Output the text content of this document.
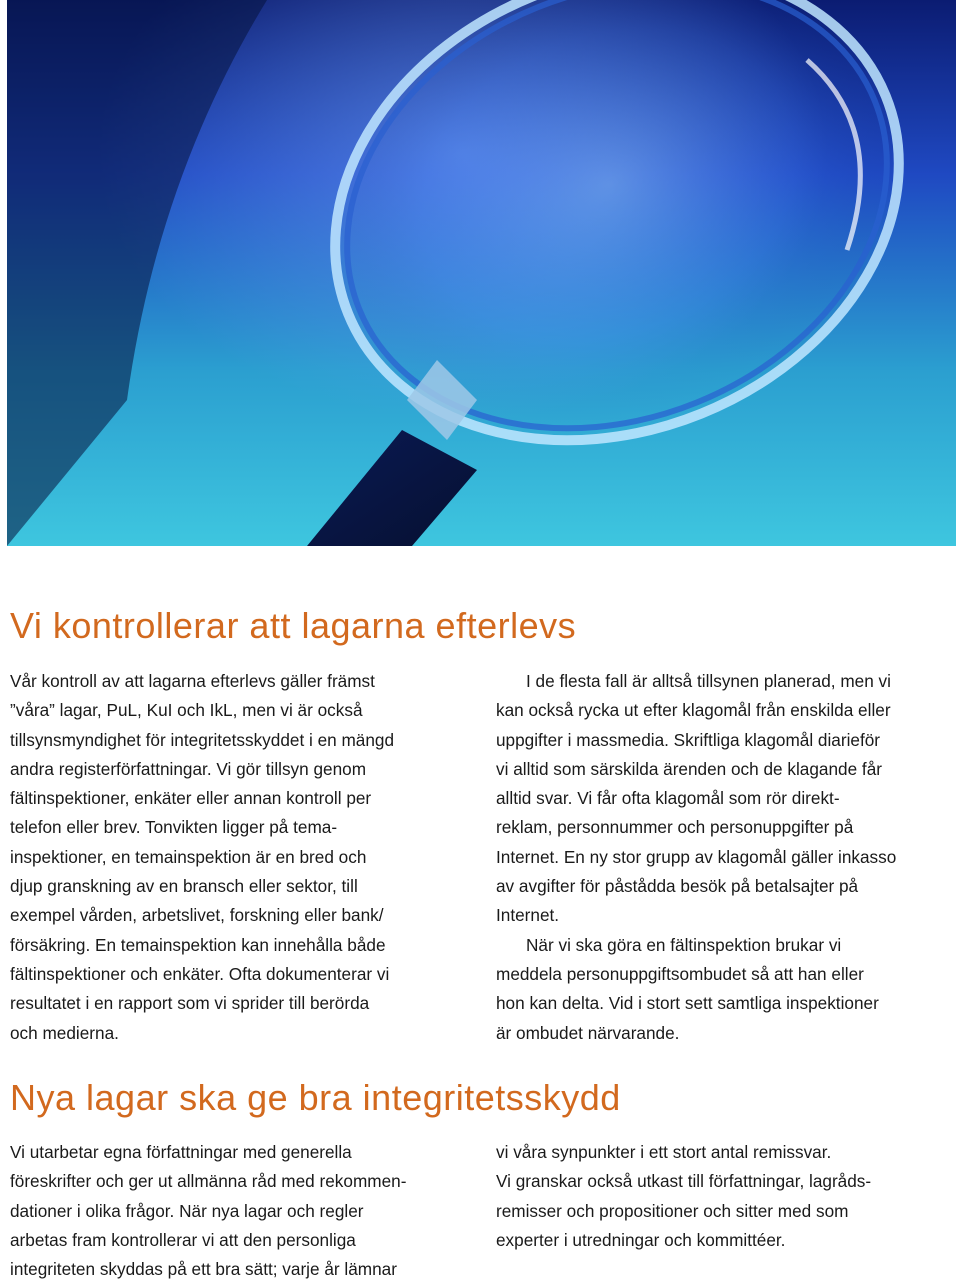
Vi kontrollerar att lagarna efterlevs
Vår kontroll av att lagarna efterlevs gäller främst
”våra” lagar, PuL, KuI och IkL, men vi är också
tillsynsmyndighet för integritetsskyddet i en mängd
andra registerförfattningar. Vi gör tillsyn genom
fältinspektioner, enkäter eller annan kontroll per
telefon eller brev. Tonvikten ligger på tema-
inspektioner, en temainspektion är en bred och
djup granskning av en bransch eller sektor, till
exempel vården, arbetslivet, forskning eller bank/
försäkring. En temainspektion kan innehålla både
fältinspektioner och enkäter. Ofta dokumenterar vi
resultatet i en rapport som vi sprider till berörda
och medierna.
I de flesta fall är alltså tillsynen planerad, men vi
kan också rycka ut efter klagomål från enskilda eller
uppgifter i massmedia. Skriftliga klagomål diarieför
vi alltid som särskilda ärenden och de klagande får
alltid svar. Vi får ofta klagomål som rör direkt-
reklam, personnummer och personuppgifter på
Internet. En ny stor grupp av klagomål gäller inkasso
av avgifter för påstådda besök på betalsajter på
Internet.
När vi ska göra en fältinspektion brukar vi
meddela personuppgiftsombudet så att han eller
hon kan delta. Vid i stort sett samtliga inspektioner
är ombudet närvarande.
Nya lagar ska ge bra integritetsskydd
Vi utarbetar egna författningar med generella
föreskrifter och ger ut allmänna råd med rekommen-
dationer i olika frågor. När nya lagar och regler
arbetas fram kontrollerar vi att den personliga
integriteten skyddas på ett bra sätt; varje år lämnar
vi våra synpunkter i ett stort antal remissvar.
Vi granskar också utkast till författningar, lagråds-
remisser och propositioner och sitter med som
experter i utredningar och kommittéer.
